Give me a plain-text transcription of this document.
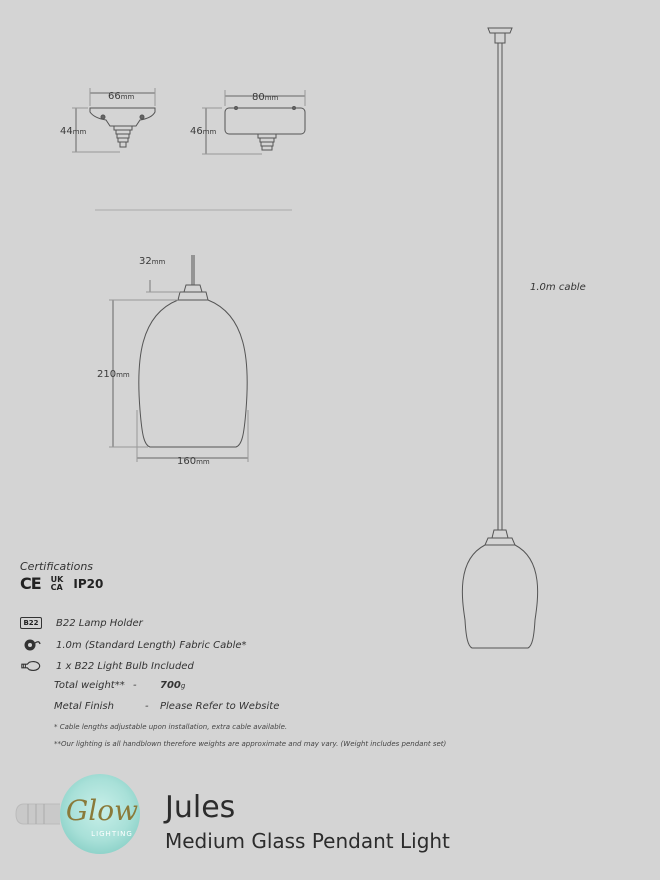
66mm
44mm
80mm
46mm
32mm
210mm
160mm
1.0m cable
Certifications
CE UK
CA IP20
B22	B22 Lamp Holder
1.0m (Standard Length) Fabric Cable*
1 x B22 Light Bulb Included
Total weight** - 700g
Metal Finish	- Please Refer to Website
* Cable lengths adjustable upon installation, extra cable available.
**Our lighting is all handblown therefore weights are approximate and may vary. (Weight includes pendant set)
Glow
LIGHTING
Jules
Medium Glass Pendant Light
